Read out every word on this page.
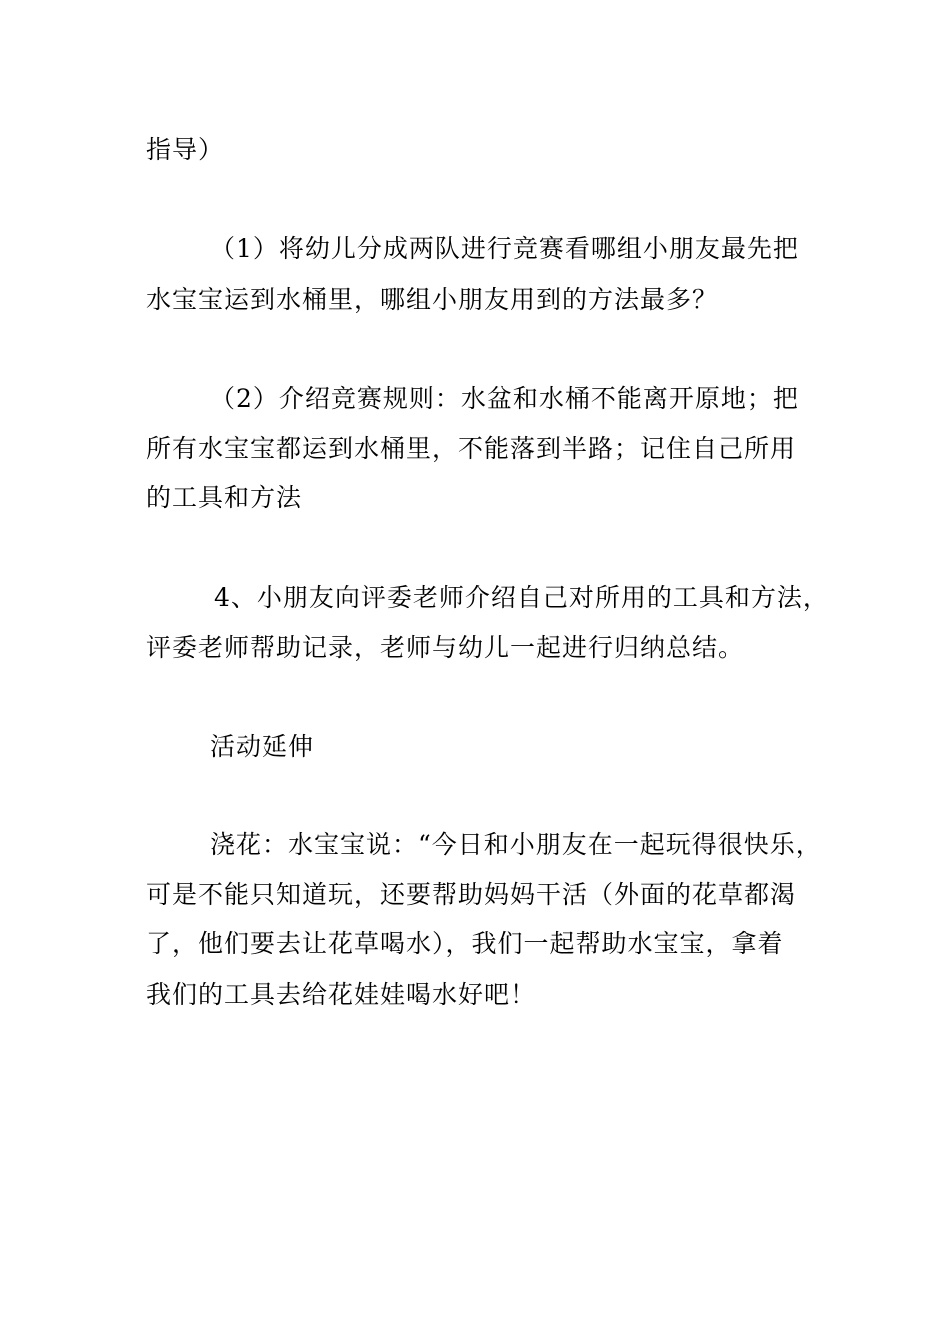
指导）
（1）将幼儿分成两队进行竞赛看哪组小朋友最先把
水宝宝运到水桶里，哪组小朋友用到的方法最多？
（2）介绍竞赛规则：水盆和水桶不能离开原地；把
所有水宝宝都运到水桶里，不能落到半路；记住自己所用
的工具和方法
4、小朋友向评委老师介绍自己对所用的工具和方法，
评委老师帮助记录，老师与幼儿一起进行归纳总结。
活动延伸
浇花：水宝宝说：“今日和小朋友在一起玩得很快乐，
可是不能只知道玩，还要帮助妈妈干活（外面的花草都渴
了，他们要去让花草喝水），我们一起帮助水宝宝，拿着
我们的工具去给花娃娃喝水好吧！
